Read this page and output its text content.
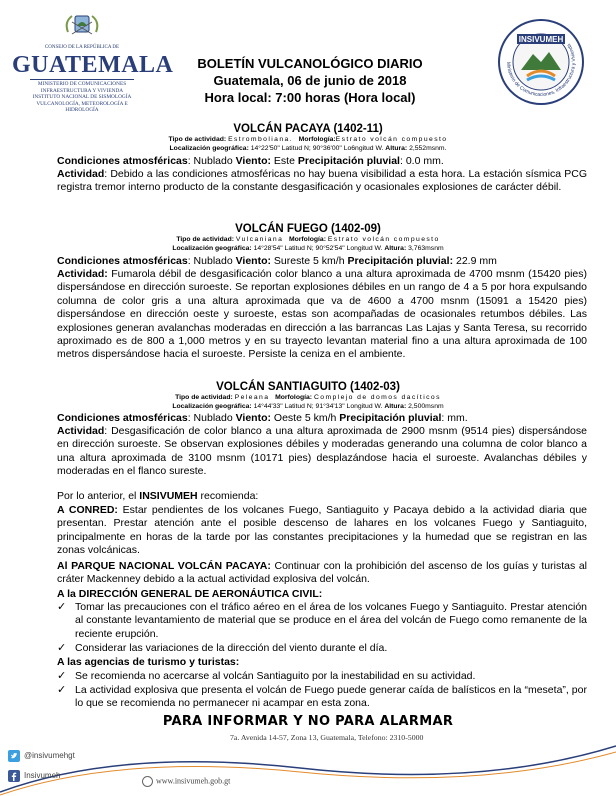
CONSEJO DE LA REPÚBLICA DE
GUATEMALA
MINISTERIO DE COMUNICACIONES
INFRAESTRUCTURA Y VIVIENDA
INSTITUTO NACIONAL DE SISMOLOGÍA
VULCANOLOGÍA, METEOROLOGÍA E
HIDROLOGÍA
Ministerio de Comunicaciones, Infraestructura y Vivienda
INSIVUMEH
BOLETÍN VULCANOLÓGICO DIARIO
Guatemala, 06 de junio de 2018
Hora local: 7:00 horas (Hora local)
VOLCÁN PACAYA (1402-11)
Tipo de actividad: Estromboliana. Morfología:Estrato volcán compuesto
Localización geográfica: 14°22'50" Latitud N; 90°36'00" Lo6ngitud W. Altura: 2,552msnm.
Condiciones atmosféricas: Nublado Viento: Este Precipitación pluvial: 0.0 mm.
Actividad: Debido a las condiciones atmosféricas no hay buena visibilidad a esta hora. La estación sísmica PCG registra tremor interno producto de la constante desgasificación y ocasionales explosiones de carácter débil.
VOLCÁN FUEGO (1402-09)
Tipo de actividad: Vulcaniana Morfología: Estrato volcán compuesto
Localización geográfica: 14°28'54" Latitud N; 90°52'54" Longitud W. Altura: 3,763msnm
Condiciones atmosféricas: Nublado Viento: Sureste 5 km/h Precipitación pluvial: 22.9 mm
Actividad: Fumarola débil de desgasificación color blanco a una altura aproximada de 4700 msnm (15420 pies) dispersándose en dirección suroeste. Se reportan explosiones débiles en un rango de 4 a 5 por hora expulsando columna de color gris a una altura aproximada que va de 4600 a 4700 msnm (15091 a 15420 pies) dispersándose en dirección oeste y suroeste, estas son acompañadas de ocasionales retumbos débiles. Las explosiones generan avalanchas moderadas en dirección a las barrancas Las Lajas y Santa Teresa, su recorrido aproximado es de 800 a 1,000 metros y en su trayecto levantan material fino a una altura aproximada de 100 metros dispersándose hacia el suroeste. Persiste la ceniza en el ambiente.
VOLCÁN SANTIAGUITO (1402-03)
Tipo de actividad: Peleana Morfología: Complejo de domos dacíticos
Localización geográfica: 14°44'33" Latitud N; 91°34'13" Longitud W. Altura: 2,500msnm
Condiciones atmosféricas: Nublado Viento: Oeste 5 km/h Precipitación pluvial: mm.
Actividad: Desgasificación de color blanco a una altura aproximada de 2900 msnm (9514 pies) dispersándose en dirección suroeste. Se observan explosiones débiles y moderadas generando una columna de color blanco a una altura aproximada de 3100 msnm (10171 pies) desplazándose hacia el suroeste. Avalanchas débiles y moderadas en el flanco sureste.
Por lo anterior, el INSIVUMEH recomienda:
A CONRED: Estar pendientes de los volcanes Fuego, Santiaguito y Pacaya debido a la actividad diaria que presentan. Prestar atención ante el posible descenso de lahares en los volcanes Fuego y Santiaguito, principalmente en horas de la tarde por las constantes precipitaciones y la humedad que se registran en las zonas volcánicas.
Al PARQUE NACIONAL VOLCÁN PACAYA: Continuar con la prohibición del ascenso de los guías y turistas al cráter Mackenney debido a la actual actividad explosiva del volcán.
A la DIRECCIÓN GENERAL DE AERONÁUTICA CIVIL:
✓ Tomar las precauciones con el tráfico aéreo en el área de los volcanes Fuego y Santiaguito. Prestar atención al constante levantamiento de material que se produce en el área del volcán de Fuego como remanente de la reciente erupción.
✓ Considerar las variaciones de la dirección del viento durante el día.
A las agencias de turismo y turistas:
✓ Se recomienda no acercarse al volcán Santiaguito por la inestabilidad en su actividad.
✓ La actividad explosiva que presenta el volcán de Fuego puede generar caída de balísticos en la “meseta”, por lo que se recomienda no permanecer ni acampar en esta zona.
PARA INFORMAR Y NO PARA ALARMAR
7a. Avenida 14-57, Zona 13, Guatemala, Telefono: 2310-5000
@insivumehgt
Insivumeh
www.insivumeh.gob.gt
